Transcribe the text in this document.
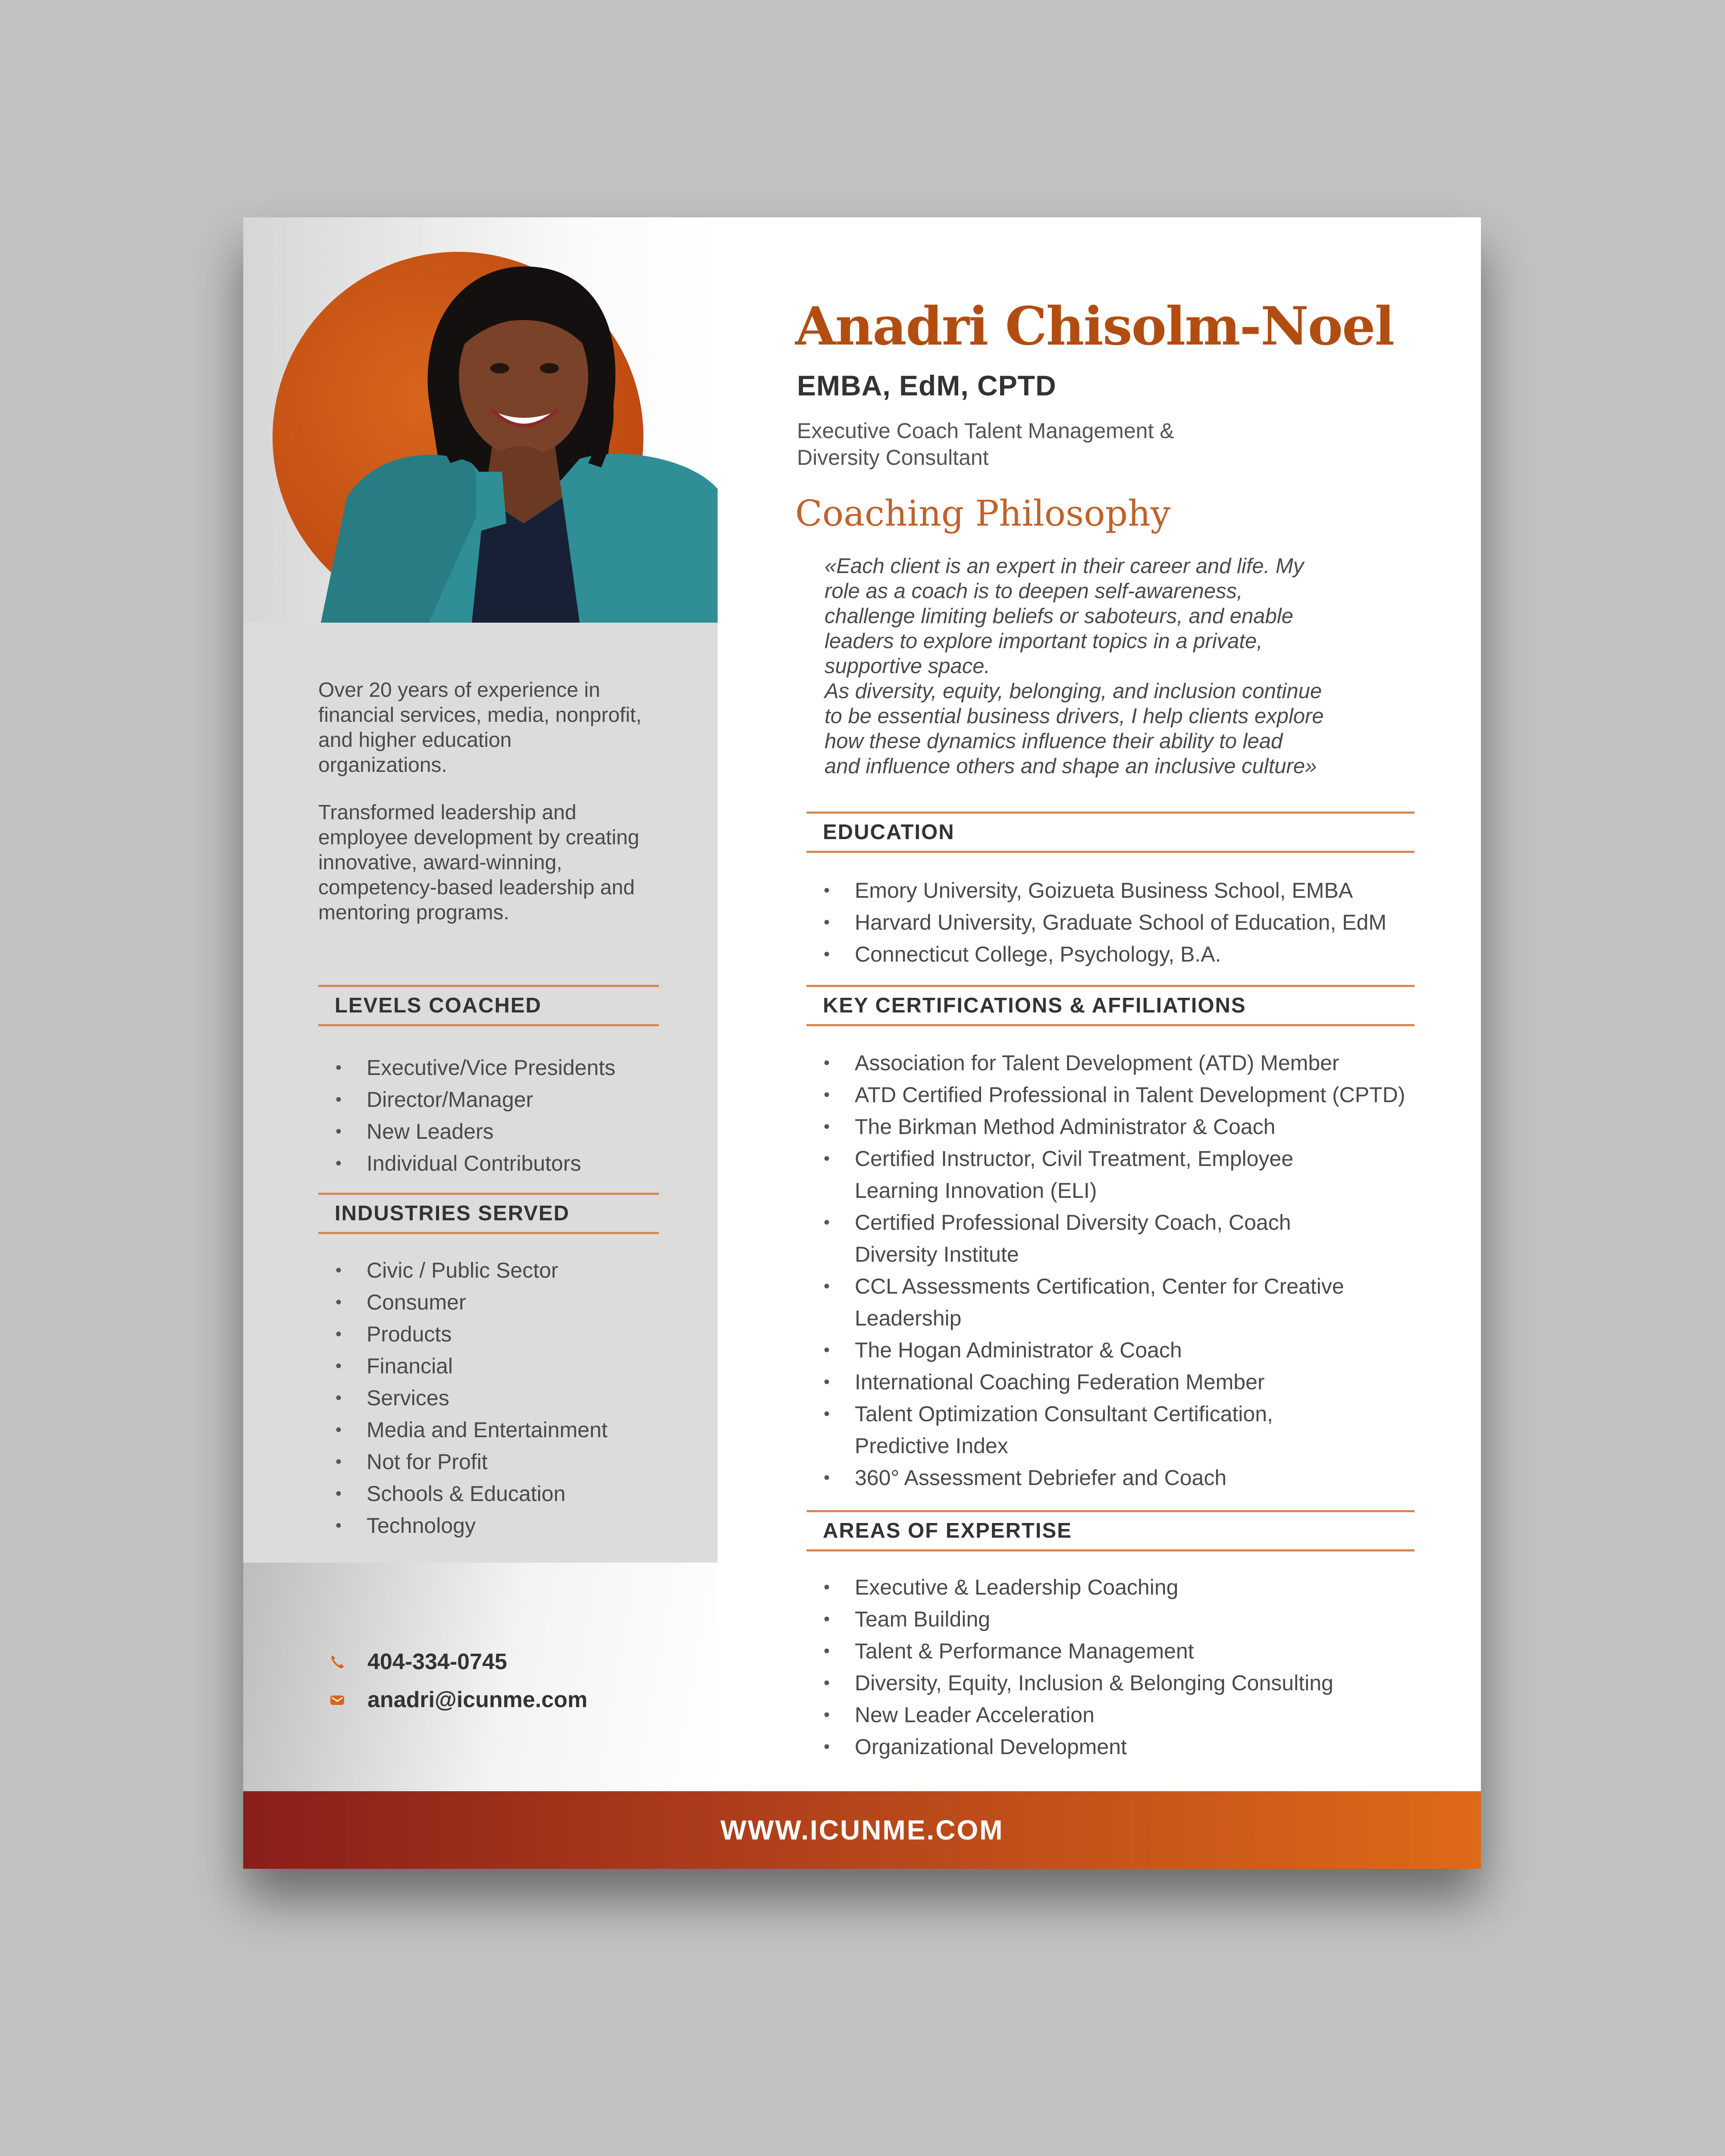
Over 20 years of experience in financial services, media, nonprofit, and higher education organizations.

Transformed leadership and employee development by creating innovative, award-winning, competency-based leadership and mentoring programs.

LEVELS COACHED
• Executive/Vice Presidents
• Director/Manager
• New Leaders
• Individual Contributors
INDUSTRIES SERVED
• Civic / Public Sector
• Consumer
• Products
• Financial
• Services
• Media and Entertainment
• Not for Profit
• Schools & Education
• Technology
404-334-0745
anadri@icunme.com
Anadri Chisolm-Noel
EMBA, EdM, CPTD
Executive Coach Talent Management &
Diversity Consultant
Coaching Philosophy
«Each client is an expert in their career and life. My
role as a coach is to deepen self-awareness,
challenge limiting beliefs or saboteurs, and enable
leaders to explore important topics in a private,
supportive space.
As diversity, equity, belonging, and inclusion continue
to be essential business drivers, I help clients explore
how these dynamics influence their ability to lead
and influence others and shape an inclusive culture»
EDUCATION
• Emory University, Goizueta Business School, EMBA
• Harvard University, Graduate School of Education, EdM
• Connecticut College, Psychology, B.A.
KEY CERTIFICATIONS & AFFILIATIONS
• Association for Talent Development (ATD) Member
• ATD Certified Professional in Talent Development (CPTD)
• The Birkman Method Administrator & Coach
• Certified Instructor, Civil Treatment, Employee
Learning Innovation (ELI)
• Certified Professional Diversity Coach, Coach
Diversity Institute
• CCL Assessments Certification, Center for Creative
Leadership
• The Hogan Administrator & Coach
• International Coaching Federation Member
• Talent Optimization Consultant Certification,
Predictive Index
• 360° Assessment Debriefer and Coach
AREAS OF EXPERTISE
• Executive & Leadership Coaching
• Team Building
• Talent & Performance Management
• Diversity, Equity, Inclusion & Belonging Consulting
• New Leader Acceleration
• Organizational Development
WWW.ICUNME.COM
